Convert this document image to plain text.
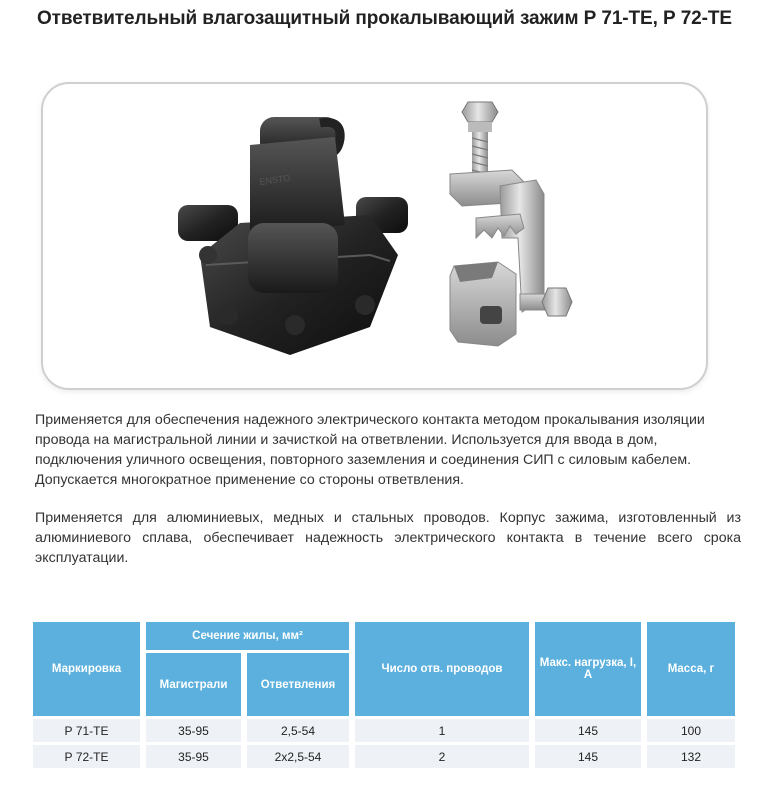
Ответвительный влагозащитный прокалывающий зажим Р 71-ТЕ, Р 72-ТЕ
ENSTO
Применяется для обеспечения надежного электрического контакта методом прокалывания изоляции провода на магистральной линии и зачисткой на ответвлении. Используется для ввода в дом, подключения уличного освещения, повторного заземления и соединения СИП с силовым кабелем. Допускается многократное применение со стороны ответвления.
Применяется для алюминиевых, медных и стальных проводов. Корпус зажима, изготовленный из алюминиевого сплава, обеспечивает надежность электрического контакта в течение всего срока эксплуатации.
Маркировка	Сечение жилы, мм²		Число отв. проводов	Макс. нагрузка, I, А	Масса, г
	Магистрали	Ответвления			
Р 71-ТЕ	35-95	2,5-54	1	145	100
Р 72-ТЕ	35-95	2х2,5-54	2	145	132
